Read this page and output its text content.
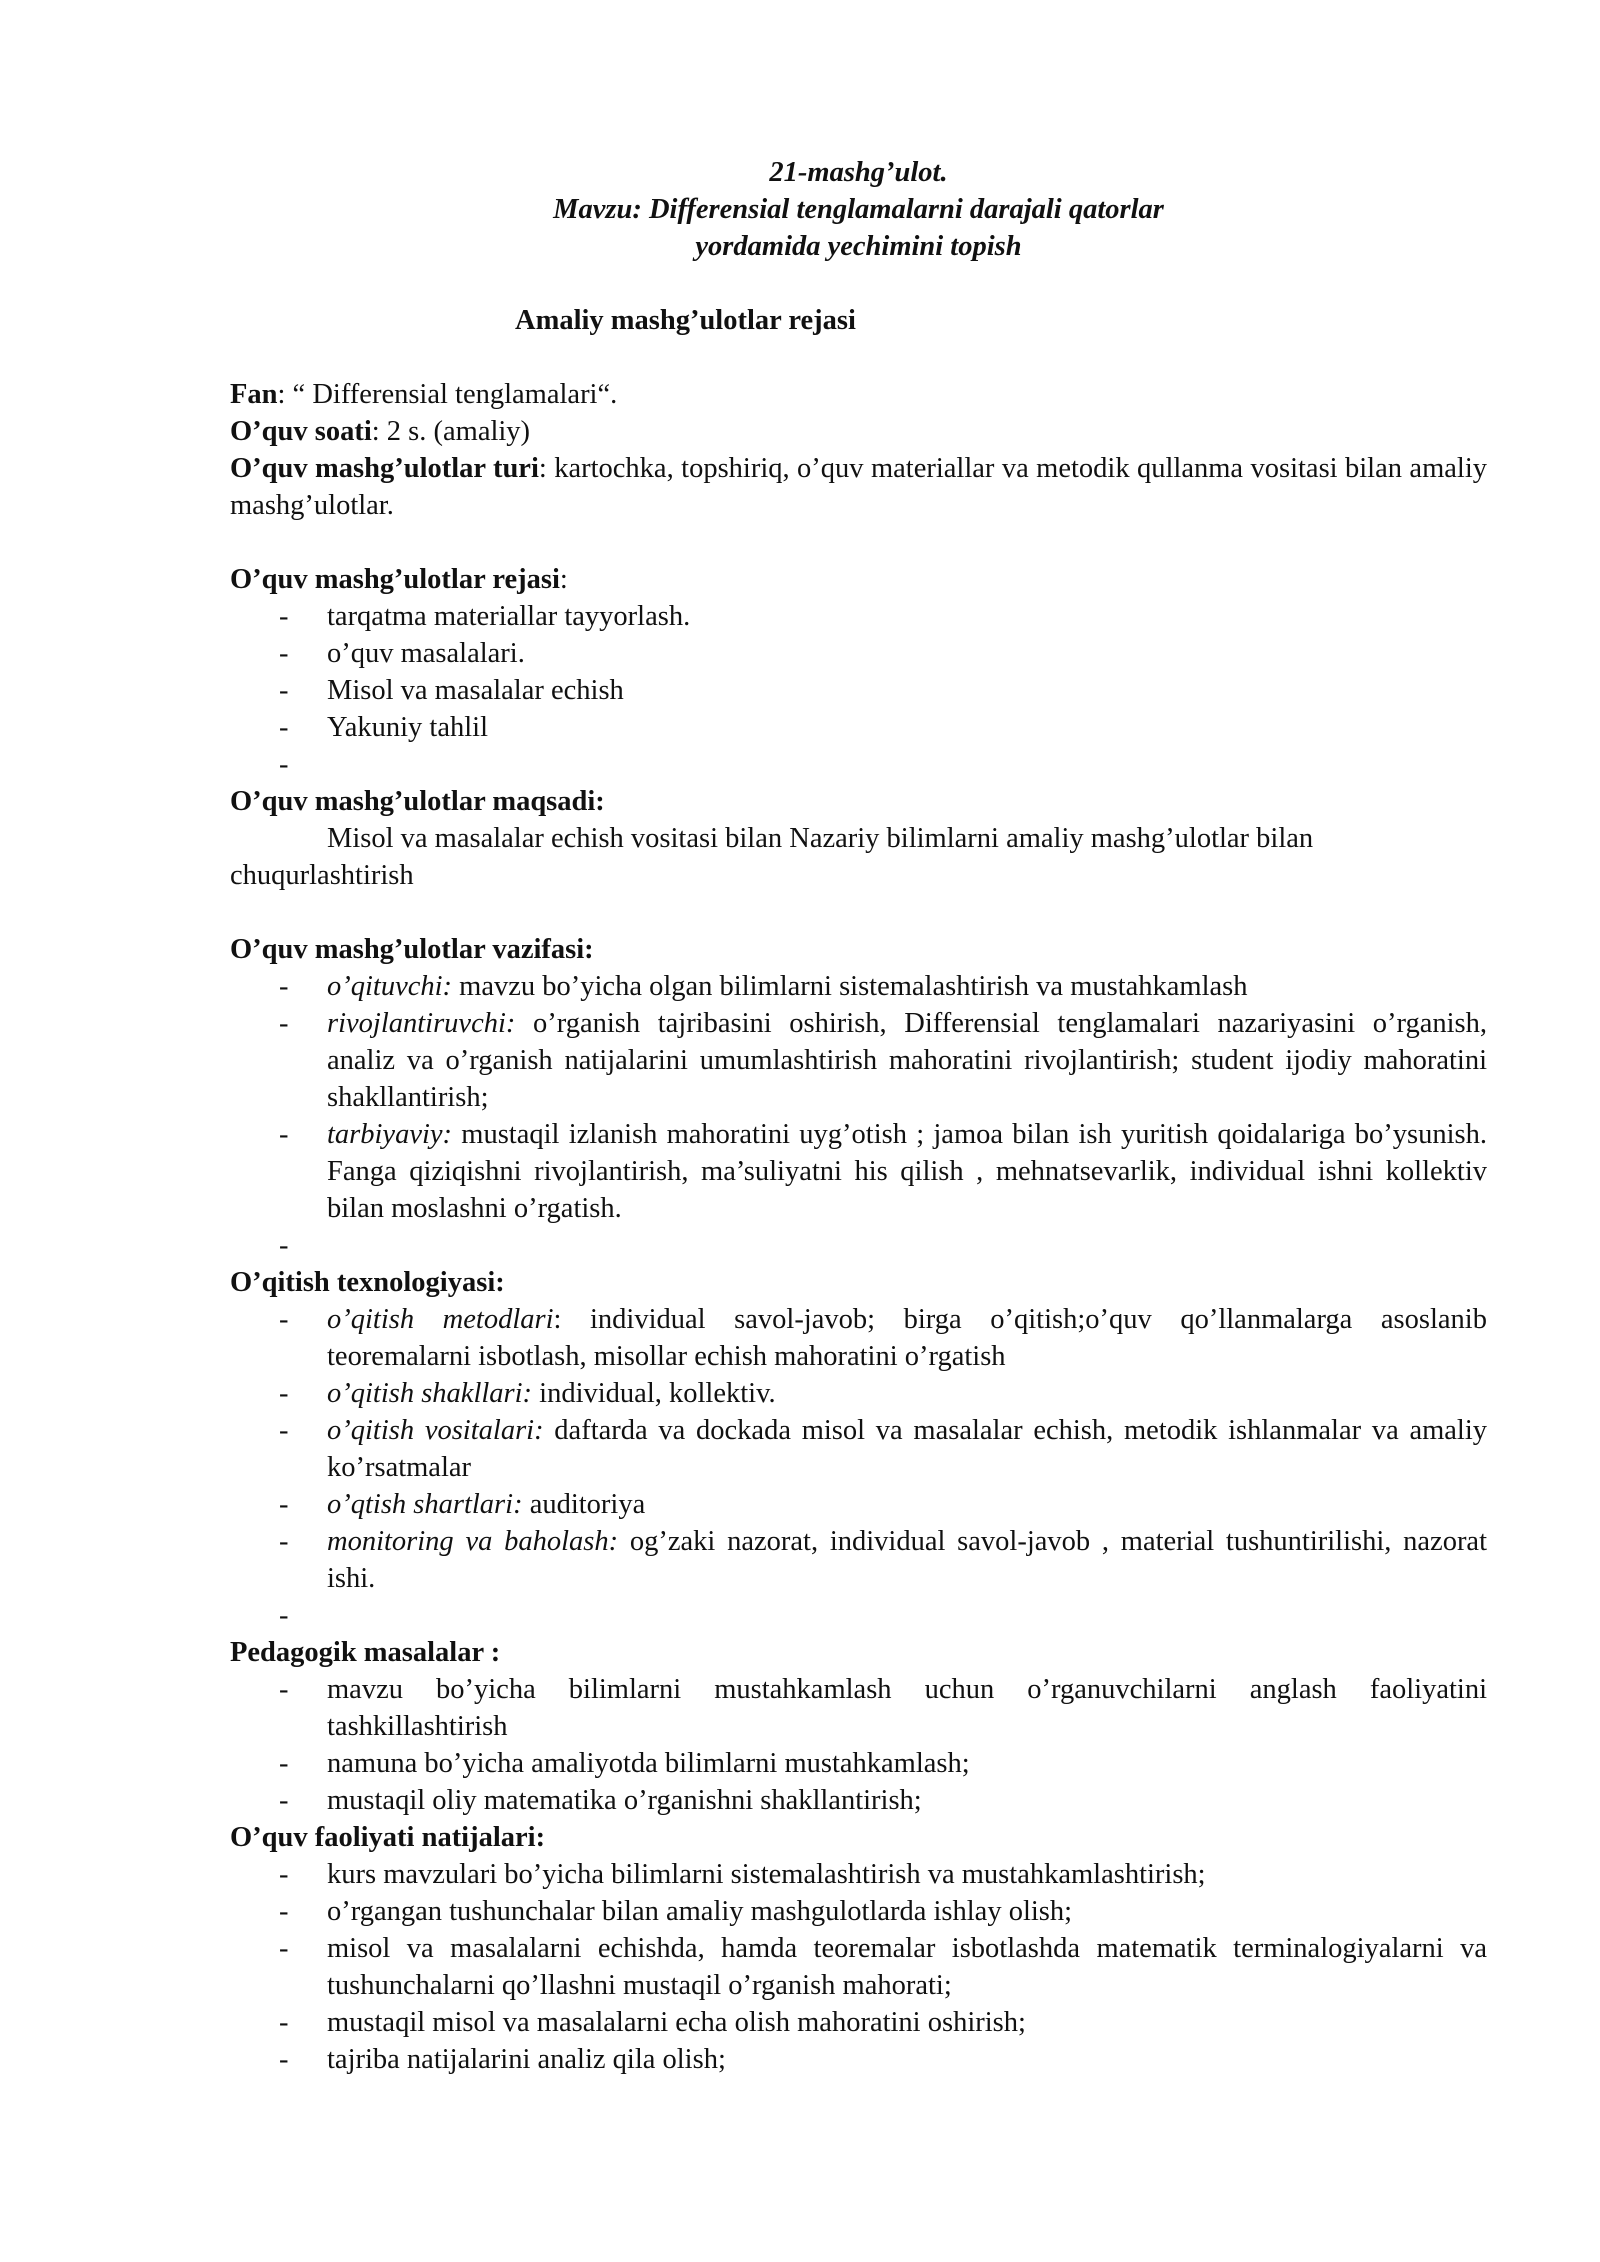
21-mashg’ulot.
Mavzu: Differensial tenglamalarni darajali qatorlar
yordamida yechimini topish
Amaliy mashg’ulotlar rejasi

Fan: “ Differensial tenglamalari“.

O’quv soati: 2 s. (amaliy)

O’quv mashg’ulotlar turi: kartochka, topshiriq, o’quv materiallar va metodik qullanma vositasi bilan amaliy mashg’ulotlar.

O’quv mashg’ulotlar rejasi:

- tarqatma materiallar tayyorlash.
- o’quv masalalari.
- Misol va masalalar echish
- Yakuniy tahlil
-

O’quv mashg’ulotlar maqsadi:

Misol va masalalar echish vositasi bilan Nazariy bilimlarni amaliy mashg’ulotlar bilan chuqurlashtirish

O’quv mashg’ulotlar vazifasi:

- o’qituvchi: mavzu bo’yicha olgan bilimlarni sistemalashtirish va mustahkamlash
- rivojlantiruvchi: o’rganish tajribasini oshirish, Differensial tenglamalari nazariyasini o’rganish, analiz va o’rganish natijalarini umumlashtirish mahoratini rivojlantirish; student ijodiy mahoratini shakllantirish;
- tarbiyaviy: mustaqil izlanish mahoratini uyg’otish ; jamoa bilan ish yuritish qoidalariga bo’ysunish. Fanga qiziqishni rivojlantirish, ma’suliyatni his qilish , mehnatsevarlik, individual ishni kollektiv bilan moslashni o’rgatish.
-

O’qitish texnologiyasi:

- o’qitish metodlari: individual savol-javob; birga o’qitish;o’quv qo’llanmalarga asoslanib teoremalarni isbotlash, misollar echish mahoratini o’rgatish
- o’qitish shakllari: individual, kollektiv.
- o’qitish vositalari: daftarda va dockada misol va masalalar echish, metodik ishlanmalar va amaliy ko’rsatmalar
- o’qtish shartlari: auditoriya
- monitoring va baholash: og’zaki nazorat, individual savol-javob , material tushuntirilishi, nazorat ishi.
-

Pedagogik masalalar :

- mavzu bo’yicha bilimlarni mustahkamlash uchun o’rganuvchilarni anglash faoliyatini tashkillashtirish
- namuna bo’yicha amaliyotda bilimlarni mustahkamlash;
- mustaqil oliy matematika o’rganishni shakllantirish;

O’quv faoliyati natijalari:

- kurs mavzulari bo’yicha bilimlarni sistemalashtirish va mustahkamlashtirish;
- o’rgangan tushunchalar bilan amaliy mashgulotlarda ishlay olish;
- misol va masalalarni echishda, hamda teoremalar isbotlashda matematik terminalogiyalarni va tushunchalarni qo’llashni mustaqil o’rganish mahorati;
- mustaqil misol va masalalarni echa olish mahoratini oshirish;
- tajriba natijalarini analiz qila olish;
